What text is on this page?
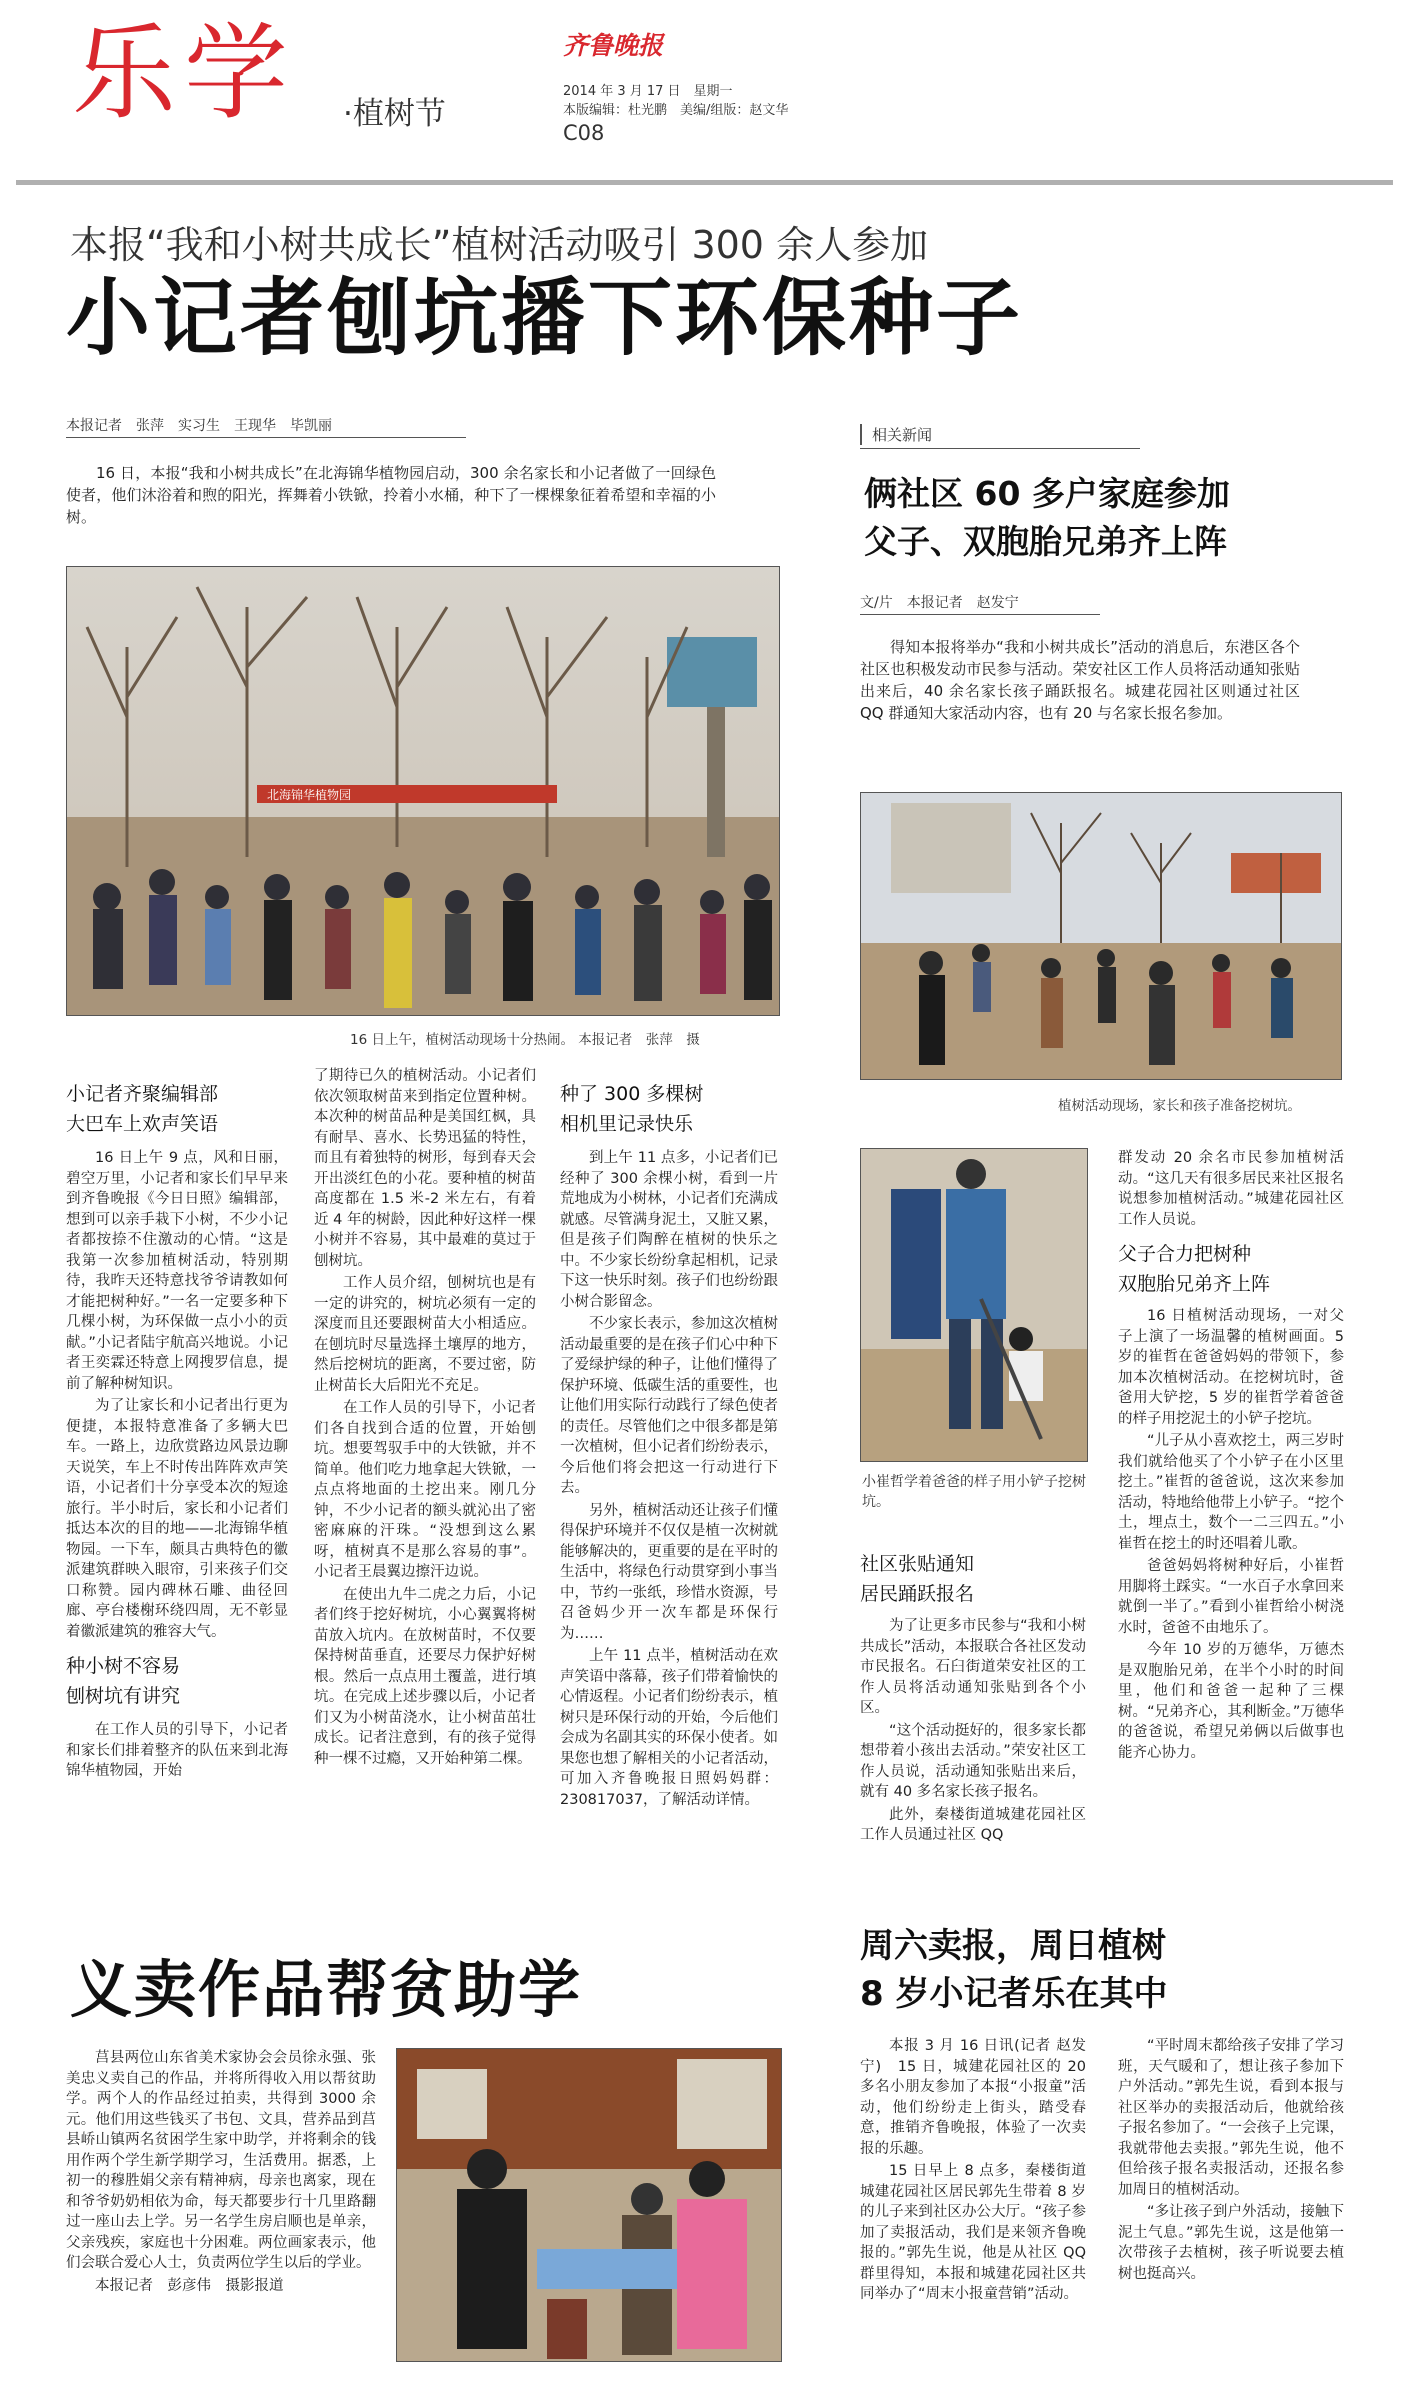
乐学 ·植树节
齐鲁晚报
2014 年 3 月 17 日　星期一
本版编辑：杜光鹏　美编/组版：赵文华
C08
本报“我和小树共成长”植树活动吸引 300 余人参加
小记者刨坑播下环保种子
本报记者　张萍　实习生　王现华　毕凯丽

16 日，本报“我和小树共成长”在北海锦华植物园启动，300 余名家长和小记者做了一回绿色使者，他们沐浴着和煦的阳光，挥舞着小铁锨，拎着小水桶，种下了一棵棵象征着希望和幸福的小树。

北海锦华植物园
16 日上午，植树活动现场十分热闹。 本报记者　张萍　摄
小记者齐聚编辑部
大巴车上欢声笑语

16 日上午 9 点，风和日丽，碧空万里，小记者和家长们早早来到齐鲁晚报《今日日照》编辑部，想到可以亲手栽下小树，不少小记者都按捺不住激动的心情。“这是我第一次参加植树活动，特别期待，我昨天还特意找爷爷请教如何才能把树种好。”一名一定要多种下几棵小树，为环保做一点小小的贡献。”小记者陆宇航高兴地说。小记者王奕霖还特意上网搜罗信息，提前了解种树知识。

为了让家长和小记者出行更为便捷，本报特意准备了多辆大巴车。一路上，边欣赏路边风景边聊天说笑，车上不时传出阵阵欢声笑语，小记者们十分享受本次的短途旅行。半小时后，家长和小记者们抵达本次的目的地——北海锦华植物园。一下车，颇具古典特色的徽派建筑群映入眼帘，引来孩子们交口称赞。园内碑林石雕、曲径回廊、亭台楼榭环绕四周，无不彰显着徽派建筑的雅容大气。

种小树不容易
刨树坑有讲究

在工作人员的引导下，小记者和家长们排着整齐的队伍来到北海锦华植物园，开始

了期待已久的植树活动。小记者们依次领取树苗来到指定位置种树。本次种的树苗品种是美国红枫，具有耐旱、喜水、长势迅猛的特性，而且有着独特的树形，每到春天会开出淡红色的小花。要种植的树苗高度都在 1.5 米-2 米左右，有着近 4 年的树龄，因此种好这样一棵小树并不容易，其中最难的莫过于刨树坑。

工作人员介绍，刨树坑也是有一定的讲究的，树坑必须有一定的深度而且还要跟树苗大小相适应。在刨坑时尽量选择土壤厚的地方，然后挖树坑的距离，不要过密，防止树苗长大后阳光不充足。

在工作人员的引导下，小记者们各自找到合适的位置，开始刨坑。想要驾驭手中的大铁锨，并不简单。他们吃力地拿起大铁锨，一点点将地面的土挖出来。刚几分钟，不少小记者的额头就沁出了密密麻麻的汗珠。“没想到这么累呀，植树真不是那么容易的事”。小记者王晨翼边擦汗边说。

在使出九牛二虎之力后，小记者们终于挖好树坑，小心翼翼将树苗放入坑内。在放树苗时，不仅要保持树苗垂直，还要尽力保护好树根。然后一点点用土覆盖，进行填坑。在完成上述步骤以后，小记者们又为小树苗浇水，让小树苗茁壮成长。记者注意到，有的孩子觉得种一棵不过瘾，又开始种第二棵。

种了 300 多棵树
相机里记录快乐

到上午 11 点多，小记者们已经种了 300 余棵小树，看到一片荒地成为小树林，小记者们充满成就感。尽管满身泥土，又脏又累，但是孩子们陶醉在植树的快乐之中。不少家长纷纷拿起相机，记录下这一快乐时刻。孩子们也纷纷跟小树合影留念。

不少家长表示，参加这次植树活动最重要的是在孩子们心中种下了爱绿护绿的种子，让他们懂得了保护环境、低碳生活的重要性，也让他们用实际行动践行了绿色使者的责任。尽管他们之中很多都是第一次植树，但小记者们纷纷表示，今后他们将会把这一行动进行下去。

另外，植树活动还让孩子们懂得保护环境并不仅仅是植一次树就能够解决的，更重要的是在平时的生活中，将绿色行动贯穿到小事当中，节约一张纸，珍惜水资源，号召爸妈少开一次车都是环保行为……

上午 11 点半，植树活动在欢声笑语中落幕，孩子们带着愉快的心情返程。小记者们纷纷表示，植树只是环保行动的开始，今后他们会成为名副其实的环保小使者。如果您也想了解相关的小记者活动，可加入齐鲁晚报日照妈妈群：230817037，了解活动详情。

相关新闻
俩社区 60 多户家庭参加
父子、双胞胎兄弟齐上阵
文/片　本报记者　赵发宁

得知本报将举办“我和小树共成长”活动的消息后，东港区各个社区也积极发动市民参与活动。荣安社区工作人员将活动通知张贴出来后，40 余名家长孩子踊跃报名。城建花园社区则通过社区 QQ 群通知大家活动内容，也有 20 与名家长报名参加。

植树活动现场，家长和孩子准备挖树坑。
小崔哲学着爸爸的样子用小铲子挖树坑。
社区张贴通知
居民踊跃报名

为了让更多市民参与“我和小树共成长”活动，本报联合各社区发动市民报名。石臼街道荣安社区的工作人员将活动通知张贴到各个小区。

“这个活动挺好的，很多家长都想带着小孩出去活动。”荣安社区工作人员说，活动通知张贴出来后，就有 40 多名家长孩子报名。

此外，秦楼街道城建花园社区工作人员通过社区 QQ

群发动 20 余名市民参加植树活动。“这几天有很多居民来社区报名说想参加植树活动。”城建花园社区工作人员说。

父子合力把树种
双胞胎兄弟齐上阵

16 日植树活动现场，一对父子上演了一场温馨的植树画面。5 岁的崔哲在爸爸妈妈的带领下，参加本次植树活动。在挖树坑时，爸爸用大铲挖，5 岁的崔哲学着爸爸的样子用挖泥土的小铲子挖坑。

“儿子从小喜欢挖土，两三岁时我们就给他买了个小铲子在小区里挖土。”崔哲的爸爸说，这次来参加活动，特地给他带上小铲子。“挖个土，埋点土，数个一二三四五。”小崔哲在挖土的时还唱着儿歌。

爸爸妈妈将树种好后，小崔哲用脚将土踩实。“一水百子水拿回来就倒一半了。”看到小崔哲给小树浇水时，爸爸不由地乐了。

今年 10 岁的万德华，万德杰是双胞胎兄弟，在半个小时的时间里，他们和爸爸一起种了三棵树。“兄弟齐心，其利断金。”万德华的爸爸说，希望兄弟俩以后做事也能齐心协力。

义卖作品帮贫助学

莒县两位山东省美术家协会会员徐永强、张美忠义卖自己的作品，并将所得收入用以帮贫助学。两个人的作品经过拍卖，共得到 3000 余元。他们用这些钱买了书包、文具，营养品到莒县峤山镇两名贫困学生家中助学，并将剩余的钱用作两个学生新学期学习，生活费用。据悉，上初一的穆胜娟父亲有精神病，母亲也离家，现在和爷爷奶奶相依为命，每天都要步行十几里路翻过一座山去上学。另一名学生房启顺也是单亲，父亲残疾，家庭也十分困难。两位画家表示，他们会联合爱心人士，负责两位学生以后的学业。

本报记者　彭彦伟　摄影报道

周六卖报，周日植树
8 岁小记者乐在其中

本报 3 月 16 日讯(记者 赵发宁)　15 日，城建花园社区的 20 多名小朋友参加了本报“小报童”活动，他们纷纷走上街头，踏受春意，推销齐鲁晚报，体验了一次卖报的乐趣。

15 日早上 8 点多，秦楼街道城建花园社区居民郭先生带着 8 岁的儿子来到社区办公大厅。“孩子参加了卖报活动，我们是来领齐鲁晚报的。”郭先生说，他是从社区 QQ 群里得知，本报和城建花园社区共同举办了“周末小报童营销”活动。

“平时周末都给孩子安排了学习班，天气暖和了，想让孩子参加下户外活动。”郭先生说，看到本报与社区举办的卖报活动后，他就给孩子报名参加了。“一会孩子上完课，我就带他去卖报。”郭先生说，他不但给孩子报名卖报活动，还报名参加周日的植树活动。

“多让孩子到户外活动，接触下泥土气息。”郭先生说，这是他第一次带孩子去植树，孩子听说要去植树也挺高兴。
